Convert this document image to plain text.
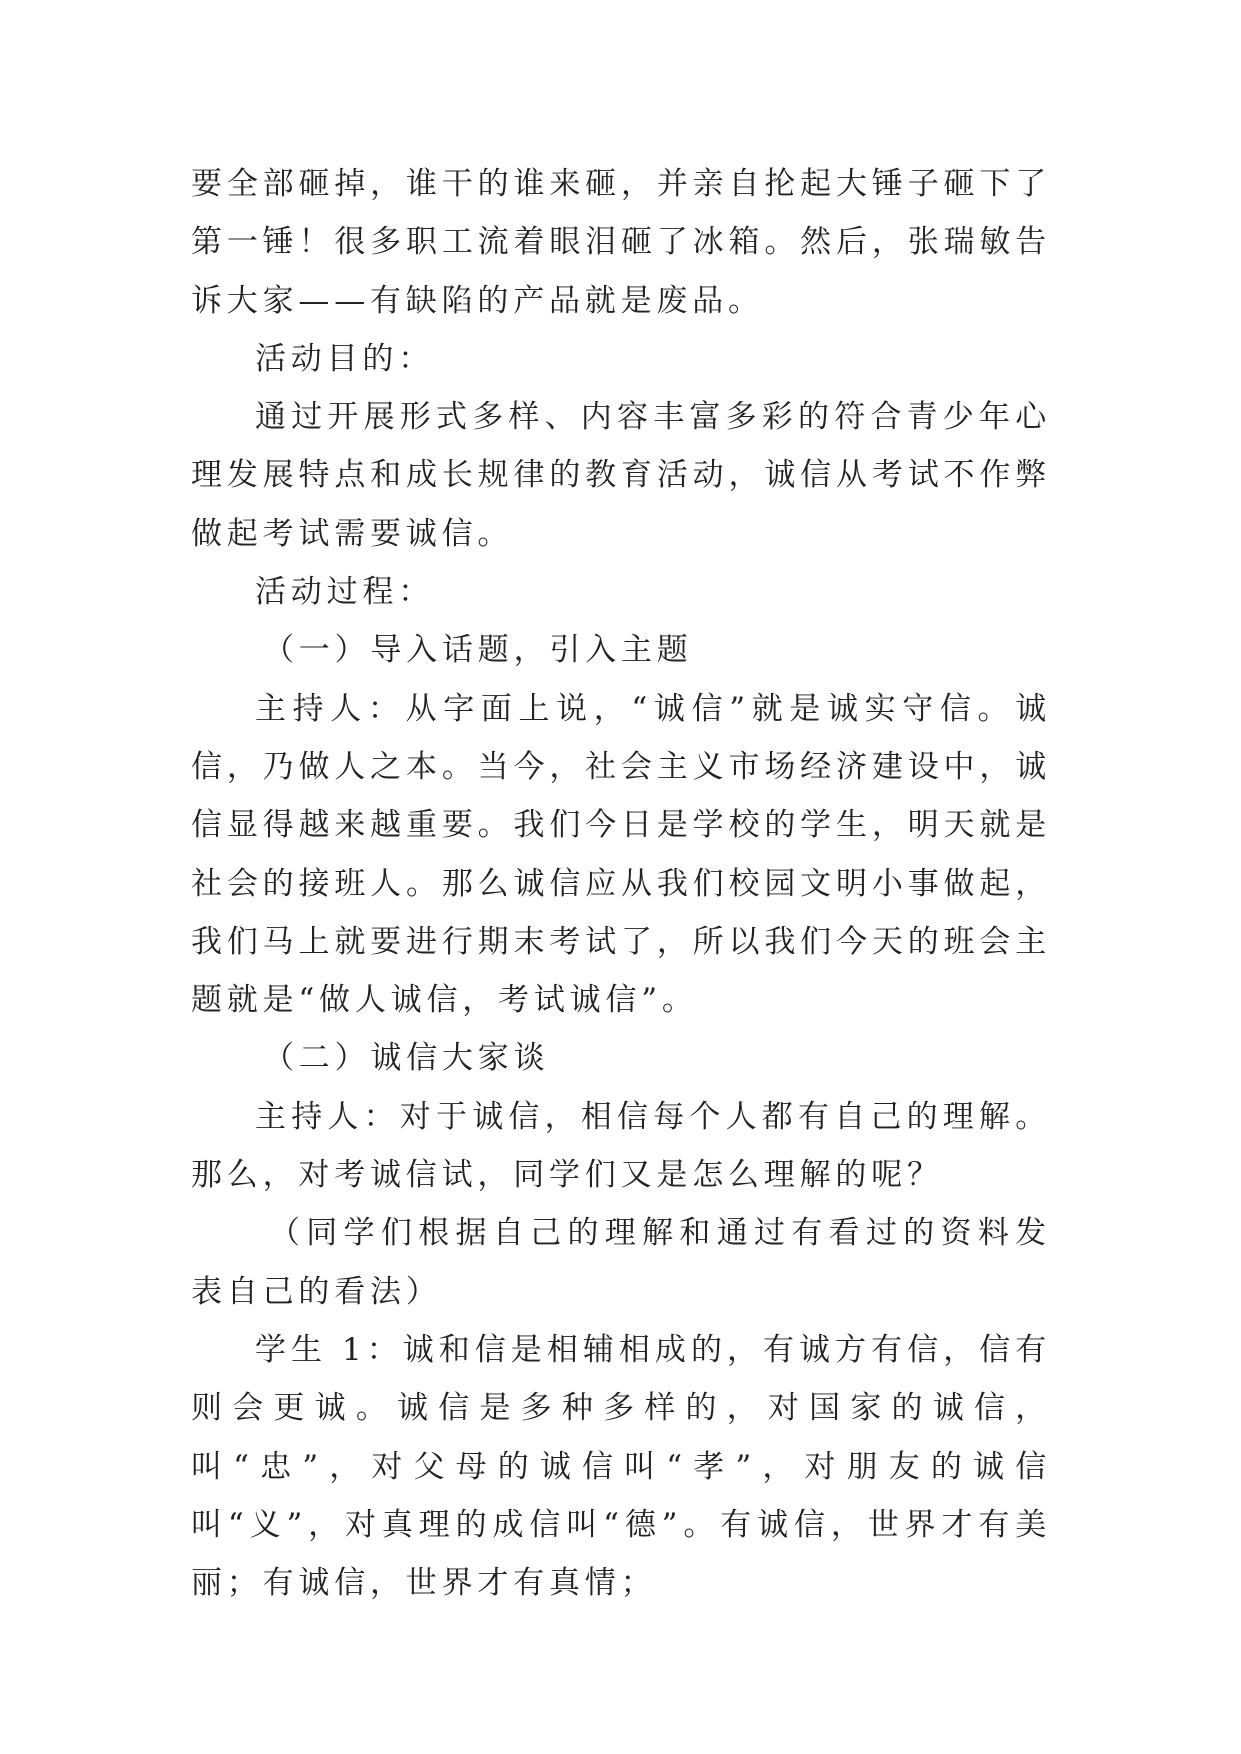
要全部砸掉，谁干的谁来砸，并亲自抡起大锤子砸下了第一锤！很多职工流着眼泪砸了冰箱。然后，张瑞敏告诉大家——有缺陷的产品就是废品。

活动目的：

通过开展形式多样、内容丰富多彩的符合青少年心理发展特点和成长规律的教育活动，诚信从考试不作弊做起考试需要诚信。

活动过程：

（一）导入话题，引入主题

主持人：从字面上说，“诚信”就是诚实守信。诚信，乃做人之本。当今，社会主义市场经济建设中，诚信显得越来越重要。我们今日是学校的学生，明天就是社会的接班人。那么诚信应从我们校园文明小事做起，我们马上就要进行期末考试了，所以我们今天的班会主题就是“做人诚信，考试诚信”。

（二）诚信大家谈

主持人：对于诚信，相信每个人都有自己的理解。那么，对考诚信试，同学们又是怎么理解的呢？

（同学们根据自己的理解和通过有看过的资料发表自己的看法）

学生 1：诚和信是相辅相成的，有诚方有信，信有则会更诚。诚信是多种多样的，对国家的诚信，叫“忠”，对父母的诚信叫“孝”，对朋友的诚信叫“义”，对真理的成信叫“德”。有诚信，世界才有美丽；有诚信，世界才有真情；
